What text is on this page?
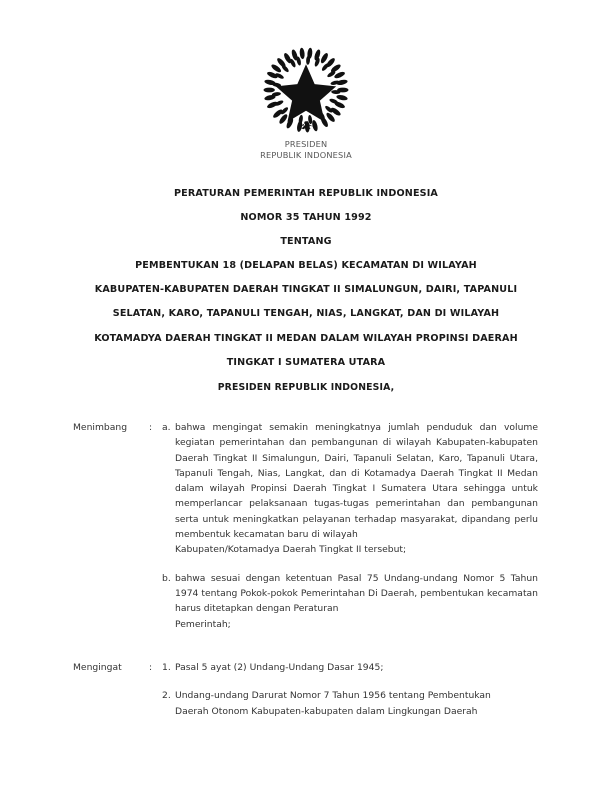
PRESIDEN
REPUBLIK INDONESIA
PERATURAN PEMERINTAH REPUBLIK INDONESIA
NOMOR 35 TAHUN 1992
TENTANG
PEMBENTUKAN 18 (DELAPAN BELAS) KECAMATAN DI WILAYAH
KABUPATEN-KABUPATEN DAERAH TINGKAT II SIMALUNGUN, DAIRI, TAPANULI
SELATAN, KARO, TAPANULI TENGAH, NIAS, LANGKAT, DAN DI WILAYAH
KOTAMADYA DAERAH TINGKAT II MEDAN DALAM WILAYAH PROPINSI DAERAH
TINGKAT I SUMATERA UTARA
PRESIDEN REPUBLIK INDONESIA,
Menimbang	:	a. bahwa mengingat semakin meningkatnya jumlah penduduk dan volume kegiatan pemerintahan dan pembangunan di wilayah Kabupaten-kabupaten Daerah Tingkat II Simalungun, Dairi, Tapanuli Selatan, Karo, Tapanuli Utara, Tapanuli Tengah, Nias, Langkat, dan di Kotamadya Daerah Tingkat II Medan dalam wilayah Propinsi Daerah Tingkat I Sumatera Utara sehingga untuk memperlancar pelaksanaan tugas-tugas pemerintahan dan pembangunan serta untuk meningkatkan pelayanan terhadap masyarakat, dipandang perlu membentuk kecamatan baru di wilayah
Kabupaten/Kotamadya Daerah Tingkat II tersebut;
b. bahwa sesuai dengan ketentuan Pasal 75 Undang-undang Nomor 5 Tahun 1974 tentang Pokok-pokok Pemerintahan Di Daerah, pembentukan kecamatan harus ditetapkan dengan Peraturan
Pemerintah;
Mengingat	:	1. Pasal 5 ayat (2) Undang-Undang Dasar 1945;
2. Undang-undang Darurat Nomor 7 Tahun 1956 tentang Pembentukan
Daerah Otonom Kabupaten-kabupaten dalam Lingkungan Daerah
